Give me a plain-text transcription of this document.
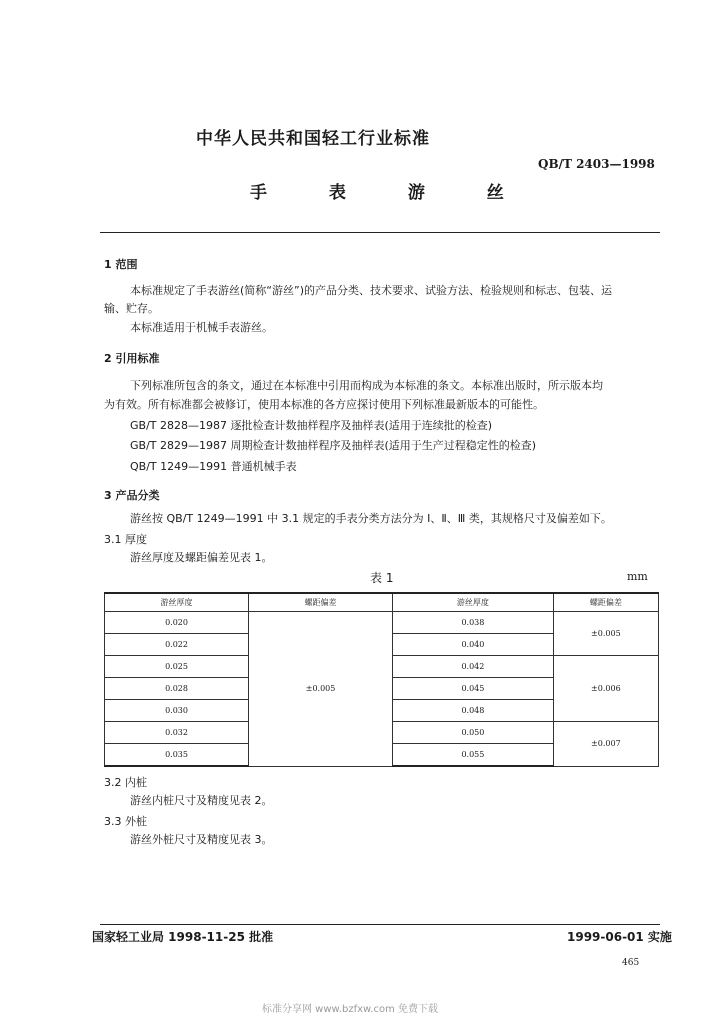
中华人民共和国轻工行业标准
QB/T 2403—1998
手 表 游 丝
1 范围
本标准规定了手表游丝(简称“游丝”)的产品分类、技术要求、试验方法、检验规则和标志、包装、运
输、贮存。
本标准适用于机械手表游丝。
2 引用标准
下列标准所包含的条文，通过在本标准中引用而构成为本标准的条文。本标准出版时，所示版本均
为有效。所有标准都会被修订，使用本标准的各方应探讨使用下列标准最新版本的可能性。
GB/T 2828—1987 逐批检查计数抽样程序及抽样表(适用于连续批的检查)
GB/T 2829—1987 周期检查计数抽样程序及抽样表(适用于生产过程稳定性的检查)
QB/T 1249—1991 普通机械手表
3 产品分类
游丝按 QB/T 1249—1991 中 3.1 规定的手表分类方法分为 Ⅰ、Ⅱ、Ⅲ 类，其规格尺寸及偏差如下。
3.1 厚度
游丝厚度及螺距偏差见表 1。
表 1	mm
游丝厚度	螺距偏差	游丝厚度	螺距偏差
0.020	±0.005	0.038	±0.005
0.022		0.040	
0.025		0.042	±0.006
0.028		0.045	
0.030		0.048	
0.032		0.050	±0.007
0.035		0.055	
3.2 内桩
游丝内桩尺寸及精度见表 2。
3.3 外桩
游丝外桩尺寸及精度见表 3。
国家轻工业局 1998-11-25 批准	1999-06-01 实施
465
标准分享网 www.bzfxw.com 免费下载
